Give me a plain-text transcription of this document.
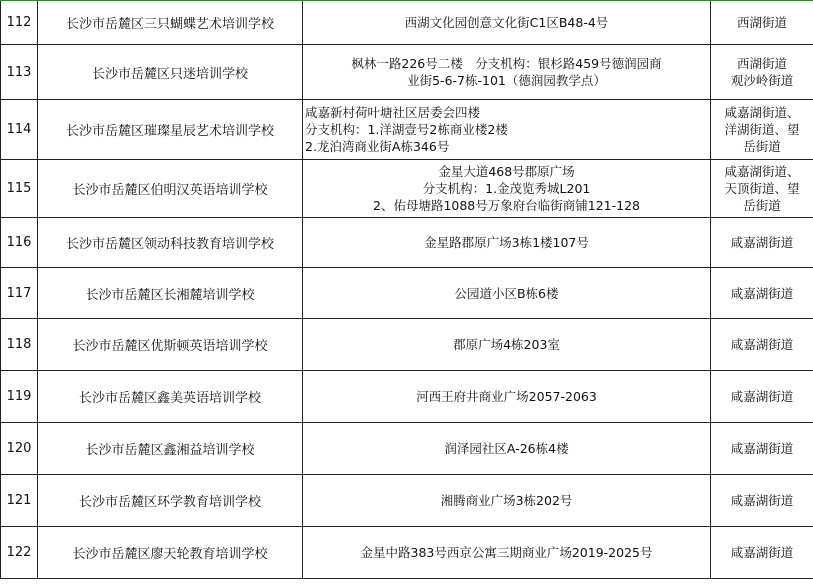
112	长沙市岳麓区三只蝴蝶艺术培训学校	西湖文化园创意文化街C1区B48-4号	西湖街道

113	长沙市岳麓区只迷培训学校	枫林一路226号二楼　分支机构：银杉路459号德润园商
业街5-6-7栋-101（德润园教学点）	西湖街道
观沙岭街道

114	长沙市岳麓区璀璨星辰艺术培训学校	咸嘉新村荷叶塘社区居委会四楼
分支机构：1.洋湖壹号2栋商业楼2楼
2.龙泊湾商业街A栋346号	咸嘉湖街道、
洋湖街道、望
岳街道

115	长沙市岳麓区伯明汉英语培训学校	金星大道468号郡原广场
分支机构：1.金茂览秀城L201
2、佑母塘路1088号万象府台临街商铺121-128	咸嘉湖街道、
天顶街道、望
岳街道

116	长沙市岳麓区领动科技教育培训学校	金星路郡原广场3栋1楼107号	咸嘉湖街道

117	长沙市岳麓区长湘麓培训学校	公园道小区B栋6楼	咸嘉湖街道

118	长沙市岳麓区优斯顿英语培训学校	郡原广场4栋203室	咸嘉湖街道

119	长沙市岳麓区鑫美英语培训学校	河西王府井商业广场2057-2063	咸嘉湖街道

120	长沙市岳麓区鑫湘益培训学校	润泽园社区A-26栋4楼	咸嘉湖街道

121	长沙市岳麓区环学教育培训学校	湘腾商业广场3栋202号	咸嘉湖街道

122	长沙市岳麓区廖天轮教育培训学校	金星中路383号西京公寓三期商业广场2019-2025号	咸嘉湖街道
